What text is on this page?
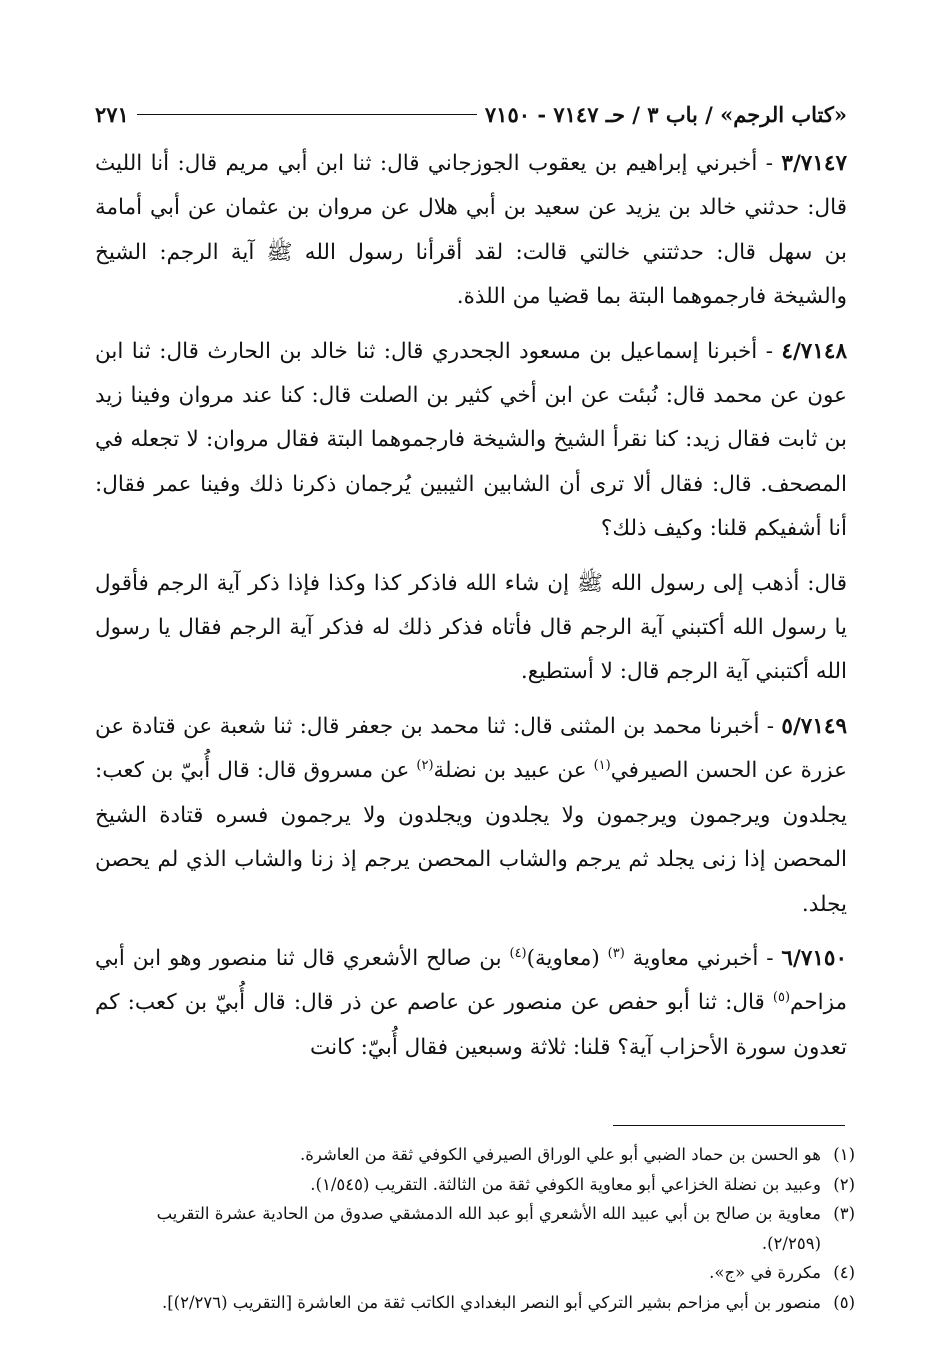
«كتاب الرجم» / باب ٣ / حـ ٧١٤٧ - ٧١٥٠
٢٧١

٣/٧١٤٧ - أخبرني إبراهيم بن يعقوب الجوزجاني قال: ثنا ابن أبي مريم قال: أنا الليث قال: حدثني خالد بن يزيد عن سعيد بن أبي هلال عن مروان بن عثمان عن أبي أمامة بن سهل قال: حدثتني خالتي قالت: لقد أقرأنا رسول الله ﷺ آية الرجم: الشيخ والشيخة فارجموهما البتة بما قضيا من اللذة.

٤/٧١٤٨ - أخبرنا إسماعيل بن مسعود الجحدري قال: ثنا خالد بن الحارث قال: ثنا ابن عون عن محمد قال: نُبئت عن ابن أخي كثير بن الصلت قال: كنا عند مروان وفينا زيد بن ثابت فقال زيد: كنا نقرأ الشيخ والشيخة فارجموهما البتة فقال مروان: لا تجعله في المصحف. قال: فقال ألا ترى أن الشابين الثيبين يُرجمان ذكرنا ذلك وفينا عمر فقال: أنا أشفيكم قلنا: وكيف ذلك؟

قال: أذهب إلى رسول الله ﷺ إن شاء الله فاذكر كذا وكذا فإذا ذكر آية الرجم فأقول يا رسول الله أكتبني آية الرجم قال فأتاه فذكر ذلك له فذكر آية الرجم فقال يا رسول الله أكتبني آية الرجم قال: لا أستطيع.

٥/٧١٤٩ - أخبرنا محمد بن المثنى قال: ثنا محمد بن جعفر قال: ثنا شعبة عن قتادة عن عزرة عن الحسن الصيرفي$^{(١)}$ عن عبيد بن نضلة$^{(٢)}$ عن مسروق قال: قال أُبيّ بن كعب: يجلدون ويرجمون ويرجمون ولا يجلدون ويجلدون ولا يرجمون فسره قتادة الشيخ المحصن إذا زنى يجلد ثم يرجم والشاب المحصن يرجم إذ زنا والشاب الذي لم يحصن يجلد.

٦/٧١٥٠ - أخبرني معاوية $^{(٣)}$ (معاوية)$^{(٤)}$ بن صالح الأشعري قال ثنا منصور وهو ابن أبي مزاحم$^{(٥)}$ قال: ثنا أبو حفص عن منصور عن عاصم عن ذر قال: قال أُبيّ بن كعب: كم تعدون سورة الأحزاب آية؟ قلنا: ثلاثة وسبعين فقال أُبيّ: كانت

(١)
هو الحسن بن حماد الضبي أبو علي الوراق الصيرفي الكوفي ثقة من العاشرة.
(٢)
وعبيد بن نضلة الخزاعي أبو معاوية الكوفي ثقة من الثالثة. التقريب (١/٥٤٥).
(٣)
معاوية بن صالح بن أبي عبيد الله الأشعري أبو عبد الله الدمشقي صدوق من الحادية عشرة التقريب (٢/٢٥٩).
(٤)
مكررة في «ج».
(٥)
منصور بن أبي مزاحم بشير التركي أبو النصر البغدادي الكاتب ثقة من العاشرة [التقريب (٢/٢٧٦)].
